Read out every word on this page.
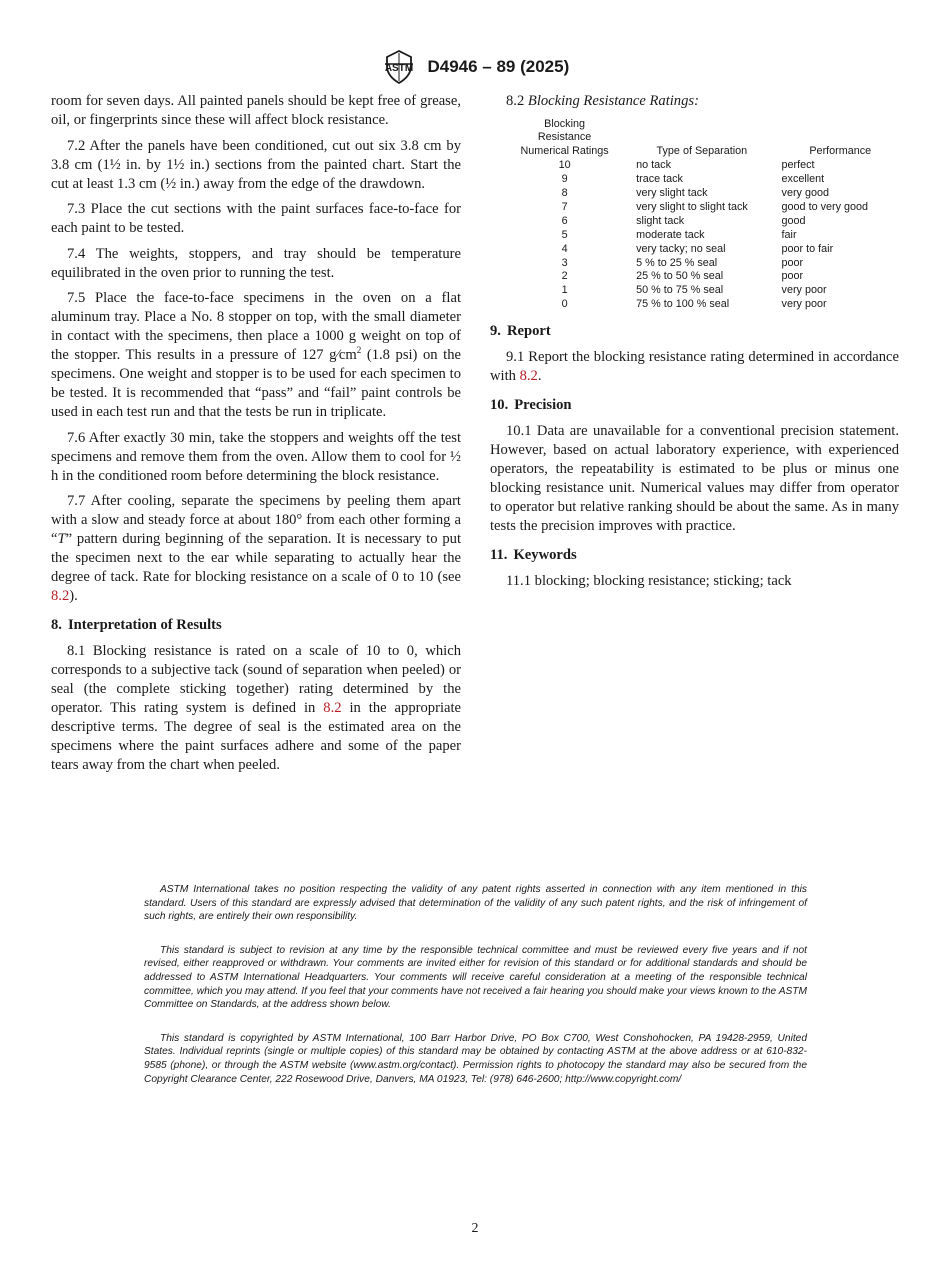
ASTM D4946 – 89 (2025)

room for seven days. All painted panels should be kept free of grease, oil, or fingerprints since these will affect block resistance.

7.2 After the panels have been conditioned, cut out six 3.8 cm by 3.8 cm (1½ in. by 1½ in.) sections from the painted chart. Start the cut at least 1.3 cm (½ in.) away from the edge of the drawdown.

7.3 Place the cut sections with the paint surfaces face-to-face for each paint to be tested.

7.4 The weights, stoppers, and tray should be temperature equilibrated in the oven prior to running the test.

7.5 Place the face-to-face specimens in the oven on a flat aluminum tray. Place a No. 8 stopper on top, with the small diameter in contact with the specimens, then place a 1000 g weight on top of the stopper. This results in a pressure of 127 $g⁄cm^2$ (1.8 psi) on the specimens. One weight and stopper is to be used for each specimen to be tested. It is recommended that “pass” and “fail” paint controls be used in each test run and that the tests be run in triplicate.

7.6 After exactly 30 min, take the stoppers and weights off the test specimens and remove them from the oven. Allow them to cool for ½ h in the conditioned room before determining the block resistance.

7.7 After cooling, separate the specimens by peeling them apart with a slow and steady force at about 180° from each other forming a “T” pattern during beginning of the separation. It is necessary to put the specimen next to the ear while separating to actually hear the degree of tack. Rate for blocking resistance on a scale of 0 to 10 (see 8.2).

8. Interpretation of Results

8.1 Blocking resistance is rated on a scale of 10 to 0, which corresponds to a subjective tack (sound of separation when peeled) or seal (the complete sticking together) rating determined by the operator. This rating system is defined in 8.2 in the appropriate descriptive terms. The degree of seal is the estimated area on the specimens where the paint surfaces adhere and some of the paper tears away from the chart when peeled.

8.2 Blocking Resistance Ratings:

Blocking
Resistance
Numerical Ratings	Type of Separation	Performance
10	no tack	perfect
9	trace tack	excellent
8	very slight tack	very good
7	very slight to slight tack	good to very good
6	slight tack	good
5	moderate tack	fair
4	very tacky; no seal	poor to fair
3	5 % to 25 % seal	poor
2	25 % to 50 % seal	poor
1	50 % to 75 % seal	very poor
0	75 % to 100 % seal	very poor
9. Report

9.1 Report the blocking resistance rating determined in accordance with 8.2.

10. Precision

10.1 Data are unavailable for a conventional precision statement. However, based on actual laboratory experience, with experienced operators, the repeatability is estimated to be plus or minus one blocking resistance unit. Numerical values may differ from operator to operator but relative ranking should be about the same. As in many tests the precision improves with practice.

11. Keywords

11.1 blocking; blocking resistance; sticking; tack

ASTM International takes no position respecting the validity of any patent rights asserted in connection with any item mentioned in this standard. Users of this standard are expressly advised that determination of the validity of any such patent rights, and the risk of infringement of such rights, are entirely their own responsibility.

This standard is subject to revision at any time by the responsible technical committee and must be reviewed every five years and if not revised, either reapproved or withdrawn. Your comments are invited either for revision of this standard or for additional standards and should be addressed to ASTM International Headquarters. Your comments will receive careful consideration at a meeting of the responsible technical committee, which you may attend. If you feel that your comments have not received a fair hearing you should make your views known to the ASTM Committee on Standards, at the address shown below.

This standard is copyrighted by ASTM International, 100 Barr Harbor Drive, PO Box C700, West Conshohocken, PA 19428-2959, United States. Individual reprints (single or multiple copies) of this standard may be obtained by contacting ASTM at the above address or at 610-832-9585 (phone), or through the ASTM website (www.astm.org/contact). Permission rights to photocopy the standard may also be secured from the Copyright Clearance Center, 222 Rosewood Drive, Danvers, MA 01923, Tel: (978) 646-2600; http://www.copyright.com/

2
